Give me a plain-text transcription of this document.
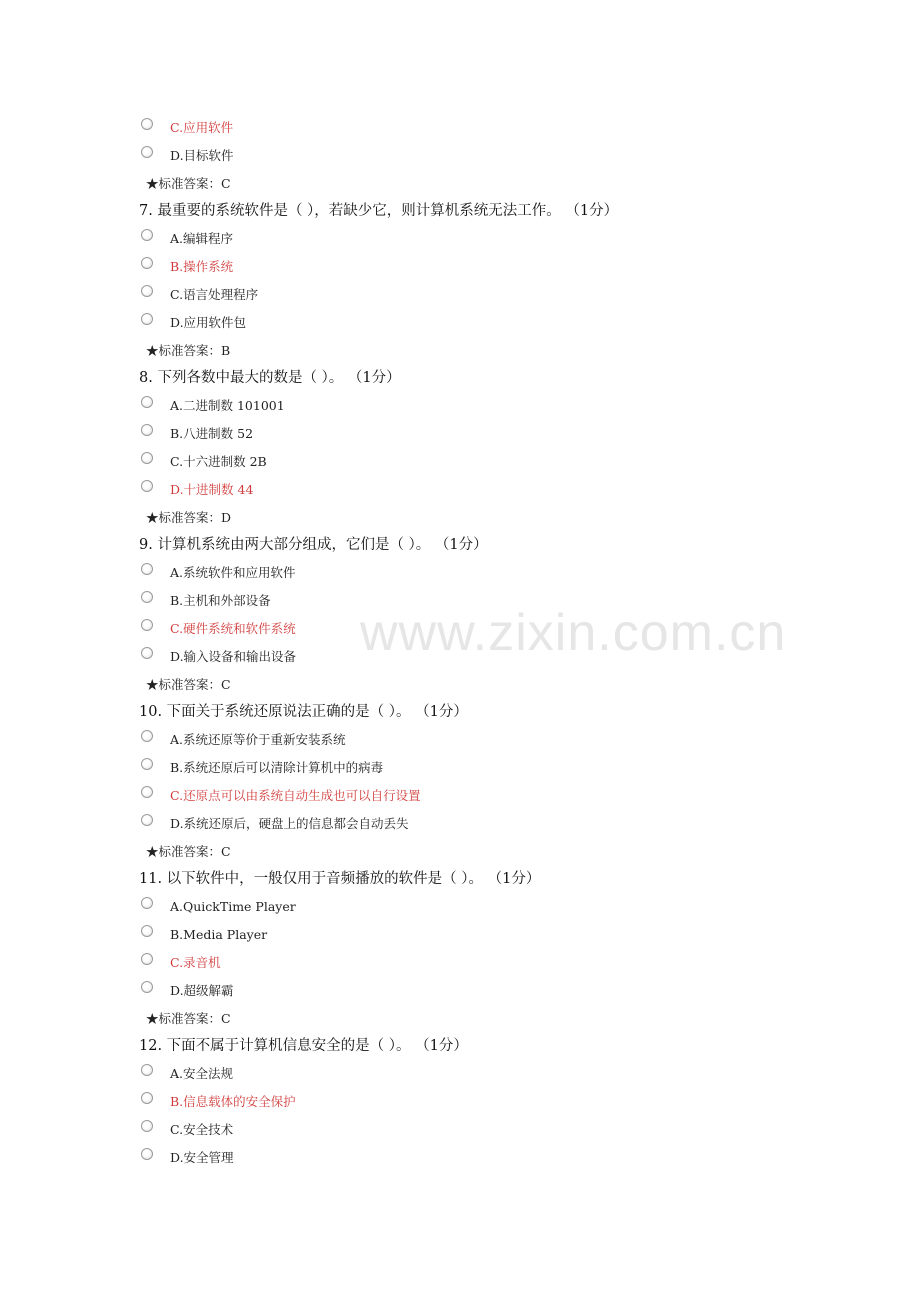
www.zixin.com.cn
C.应用软件
D.目标软件
★标准答案：C
7. 最重要的系统软件是（ ），若缺少它，则计算机系统无法工作。 （1分）
A.编辑程序
B.操作系统
C.语言处理程序
D.应用软件包
★标准答案：B
8. 下列各数中最大的数是（ ）。 （1分）
A.二进制数 101001
B.八进制数 52
C.十六进制数 2B
D.十进制数 44
★标准答案：D
9. 计算机系统由两大部分组成，它们是（ ）。 （1分）
A.系统软件和应用软件
B.主机和外部设备
C.硬件系统和软件系统
D.输入设备和输出设备
★标准答案：C
10. 下面关于系统还原说法正确的是（ ）。 （1分）
A.系统还原等价于重新安装系统
B.系统还原后可以清除计算机中的病毒
C.还原点可以由系统自动生成也可以自行设置
D.系统还原后，硬盘上的信息都会自动丢失
★标准答案：C
11. 以下软件中，一般仅用于音频播放的软件是（ ）。 （1分）
A.QuickTime Player
B.Media Player
C.录音机
D.超级解霸
★标准答案：C
12. 下面不属于计算机信息安全的是（ ）。 （1分）
A.安全法规
B.信息载体的安全保护
C.安全技术
D.安全管理
